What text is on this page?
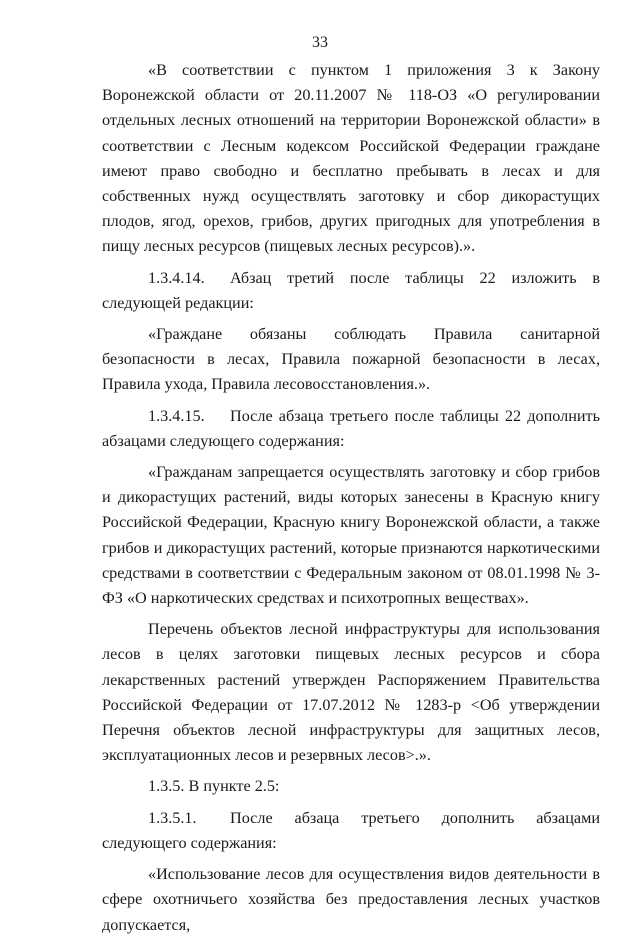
33

«В соответствии с пунктом 1 приложения 3 к Закону Воронежской области от 20.11.2007 № 118-ОЗ «О регулировании отдельных лесных отношений на территории Воронежской области» в соответствии с Лесным кодексом Российской Федерации граждане имеют право свободно и бесплатно пребывать в лесах и для собственных нужд осуществлять заготовку и сбор дикорастущих плодов, ягод, орехов, грибов, других пригодных для употребления в пищу лесных ресурсов (пищевых лесных ресурсов).».

1.3.4.14. Абзац третий после таблицы 22 изложить в следующей редакции:

«Граждане обязаны соблюдать Правила санитарной безопасности в лесах, Правила пожарной безопасности в лесах, Правила ухода, Правила лесовосстановления.».

1.3.4.15. После абзаца третьего после таблицы 22 дополнить абзацами следующего содержания:

«Гражданам запрещается осуществлять заготовку и сбор грибов и дикорастущих растений, виды которых занесены в Красную книгу Российской Федерации, Красную книгу Воронежской области, а также грибов и дикорастущих растений, которые признаются наркотическими средствами в соответствии с Федеральным законом от 08.01.1998 № 3-ФЗ «О наркотических средствах и психотропных веществах».

Перечень объектов лесной инфраструктуры для использования лесов в целях заготовки пищевых лесных ресурсов и сбора лекарственных растений утвержден Распоряжением Правительства Российской Федерации от 17.07.2012 № 1283-р <Об утверждении Перечня объектов лесной инфраструктуры для защитных лесов, эксплуатационных лесов и резервных лесов>.».

1.3.5. В пункте 2.5:

1.3.5.1. После абзаца третьего дополнить абзацами следующего содержания:

«Использование лесов для осуществления видов деятельности в сфере охотничьего хозяйства без предоставления лесных участков допускается,
